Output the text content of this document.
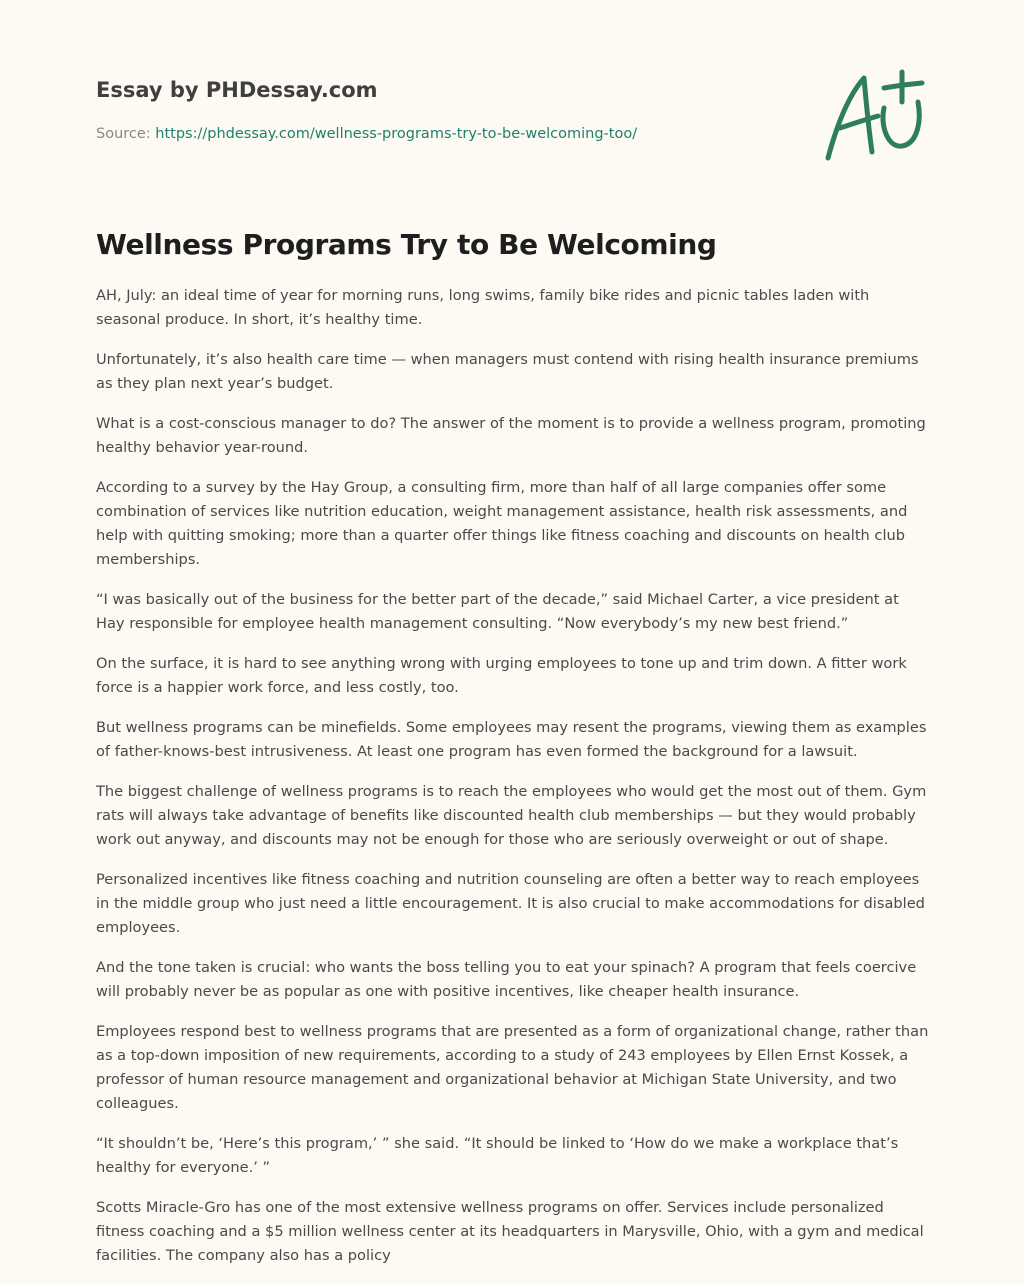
Essay by PHDessay.com
Source: https://phdessay.com/wellness-programs-try-to-be-welcoming-too/
Wellness Programs Try to Be Welcoming

AH, July: an ideal time of year for morning runs, long swims, family bike rides and picnic tables laden with seasonal produce. In short, it’s healthy time.

Unfortunately, it’s also health care time — when managers must contend with rising health insurance premiums as they plan next year’s budget.

What is a cost-conscious manager to do? The answer of the moment is to provide a wellness program, promoting healthy behavior year-round.

According to a survey by the Hay Group, a consulting firm, more than half of all large companies offer some combination of services like nutrition education, weight management assistance, health risk assessments, and help with quitting smoking; more than a quarter offer things like fitness coaching and discounts on health club memberships.

“I was basically out of the business for the better part of the decade,” said Michael Carter, a vice president at Hay responsible for employee health management consulting. “Now everybody’s my new best friend.”

On the surface, it is hard to see anything wrong with urging employees to tone up and trim down. A fitter work force is a happier work force, and less costly, too.

But wellness programs can be minefields. Some employees may resent the programs, viewing them as examples of father-knows-best intrusiveness. At least one program has even formed the background for a lawsuit.

The biggest challenge of wellness programs is to reach the employees who would get the most out of them. Gym rats will always take advantage of benefits like discounted health club memberships — but they would probably work out anyway, and discounts may not be enough for those who are seriously overweight or out of shape.

Personalized incentives like fitness coaching and nutrition counseling are often a better way to reach employees in the middle group who just need a little encouragement. It is also crucial to make accommodations for disabled employees.

And the tone taken is crucial: who wants the boss telling you to eat your spinach? A program that feels coercive will probably never be as popular as one with positive incentives, like cheaper health insurance.

Employees respond best to wellness programs that are presented as a form of organizational change, rather than as a top-down imposition of new requirements, according to a study of 243 employees by Ellen Ernst Kossek, a professor of human resource management and organizational behavior at Michigan State University, and two colleagues.

“It shouldn’t be, ‘Here’s this program,’ ” she said. “It should be linked to ‘How do we make a workplace that’s healthy for everyone.’ ”

Scotts Miracle-Gro has one of the most extensive wellness programs on offer. Services include personalized fitness coaching and a $5 million wellness center at its headquarters in Marysville, Ohio, with a gym and medical facilities. The company also has a policy
